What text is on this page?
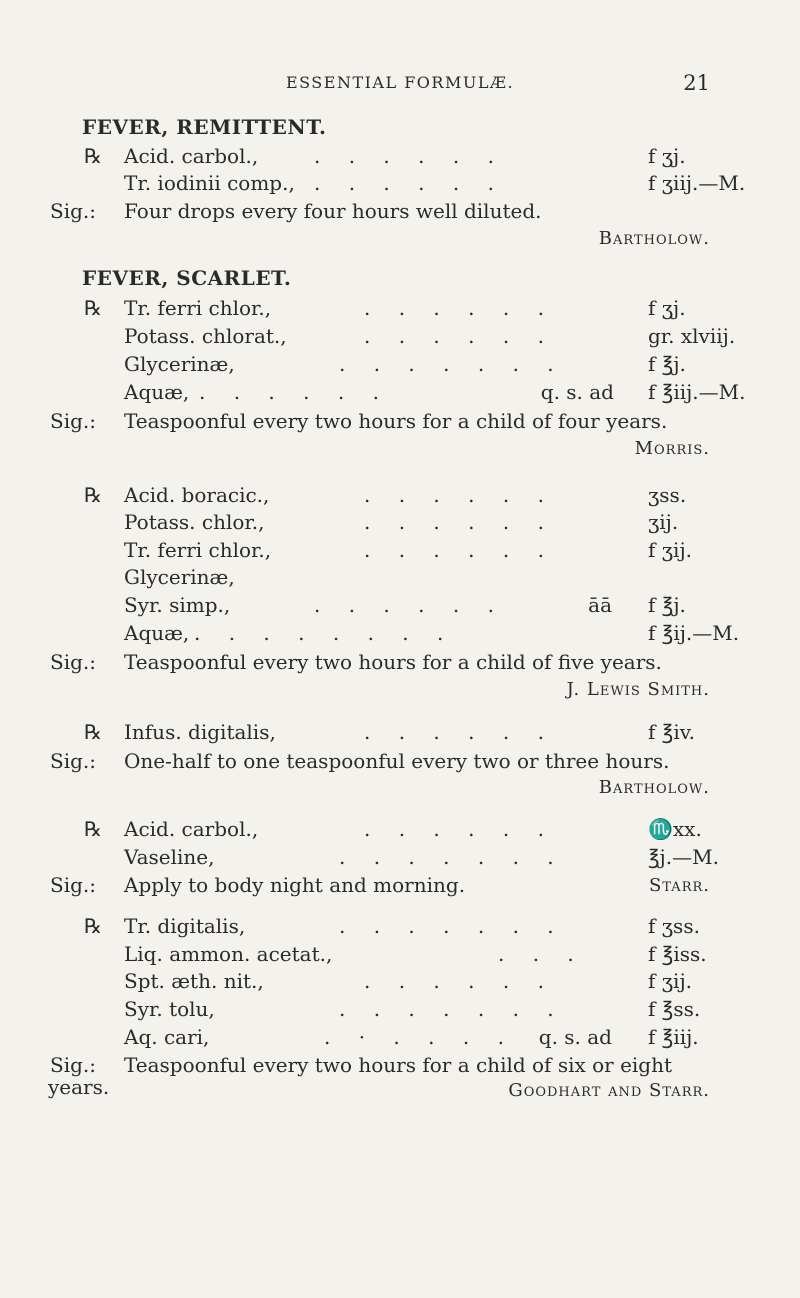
ESSENTIAL FORMULÆ.	21
FEVER, REMITTENT.
℞ Acid. carbol.,	. . . . . .	f ʒj.
Tr. iodinii comp., . . . . . .	f ʒiij.—M.
Sig.: Four drops every four hours well diluted.
Bartholow.
FEVER, SCARLET.
℞ Tr. ferri chlor.,	. . . . . .	f ʒj.
Potass. chlorat.,	. . . . . .	gr. xlviij.
Glycerinæ,	. . . . . . .	f ℥j.
Aquæ, . . . . . .	q. s. ad f ℥iij.—M.
Sig.: Teaspoonful every two hours for a child of four years.
Morris.
℞ Acid. boracic.,	. . . . . .	ʒss.
Potass. chlor.,	. . . . . .	ʒij.
Tr. ferri chlor.,	. . . . . .	f ʒij.
Glycerinæ,
Syr. simp.,	. . . . . .	āā f ℥j.
Aquæ, . . . . . . . .	f ℥ij.—M.
Sig.: Teaspoonful every two hours for a child of five years.
J. Lewis Smith.
℞ Infus. digitalis,	. . . . . .	f ℥iv.
Sig.: One-half to one teaspoonful every two or three hours.
Bartholow.
℞ Acid. carbol.,	. . . . . .	♏xx.
Vaseline,	. . . . . . .	℥j.—M.
Sig.: Apply to body night and morning.	Starr.
℞ Tr. digitalis,	. . . . . . .	f ʒss.
Liq. ammon. acetat.,	. . .	f ℥iss.
Spt. æth. nit.,	. . . . . .	f ʒij.
Syr. tolu,	. . . . . . .	f ℥ss.
Aq. cari,	. · . . . . q. s. ad f ℥iij.
Sig.: Teaspoonful every two hours for a child of six or eight
years.	Goodhart and Starr.
